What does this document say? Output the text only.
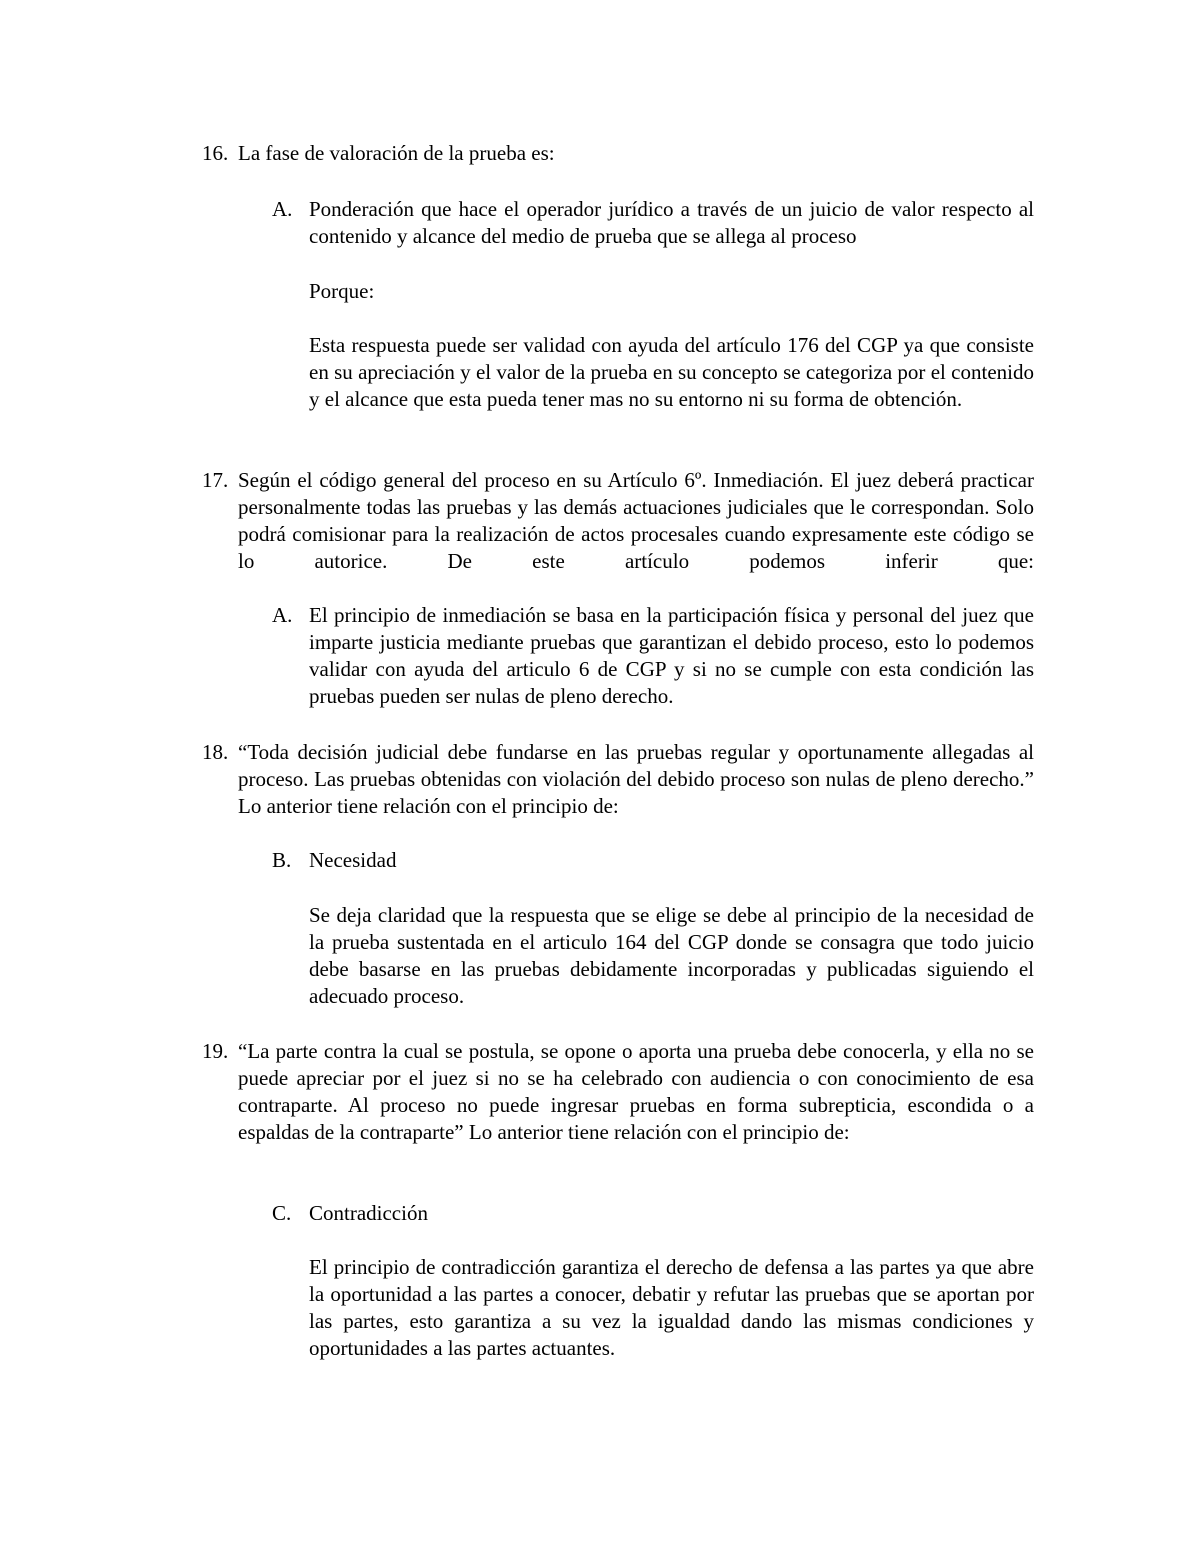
16. La fase de valoración de la prueba es:

A. Ponderación que hace el operador jurídico a través de un juicio de valor respecto al contenido y alcance del medio de prueba que se allega al proceso

Porque:

Esta respuesta puede ser validad con ayuda del artículo 176 del CGP ya que consiste en su apreciación y el valor de la prueba en su concepto se categoriza por el contenido y el alcance que esta pueda tener mas no su entorno ni su forma de obtención.

17. Según el código general del proceso en su Artículo 6º. Inmediación. El juez deberá practicar personalmente todas las pruebas y las demás actuaciones judiciales que le correspondan. Solo podrá comisionar para la realización de actos procesales cuando expresamente este código se lo autorice. De este artículo podemos inferir que:

A. El principio de inmediación se basa en la participación física y personal del juez que imparte justicia mediante pruebas que garantizan el debido proceso, esto lo podemos validar con ayuda del articulo 6 de CGP y si no se cumple con esta condición las pruebas pueden ser nulas de pleno derecho.

18. “Toda decisión judicial debe fundarse en las pruebas regular y oportunamente allegadas al proceso. Las pruebas obtenidas con violación del debido proceso son nulas de pleno derecho.” Lo anterior tiene relación con el principio de:

B. Necesidad

Se deja claridad que la respuesta que se elige se debe al principio de la necesidad de la prueba sustentada en el articulo 164 del CGP donde se consagra que todo juicio debe basarse en las pruebas debidamente incorporadas y publicadas siguiendo el adecuado proceso.

19. “La parte contra la cual se postula, se opone o aporta una prueba debe conocerla, y ella no se puede apreciar por el juez si no se ha celebrado con audiencia o con conocimiento de esa contraparte. Al proceso no puede ingresar pruebas en forma subrepticia, escondida o a espaldas de la contraparte” Lo anterior tiene relación con el principio de:

C. Contradicción

El principio de contradicción garantiza el derecho de defensa a las partes ya que abre la oportunidad a las partes a conocer, debatir y refutar las pruebas que se aportan por las partes, esto garantiza a su vez la igualdad dando las mismas condiciones y oportunidades a las partes actuantes.
